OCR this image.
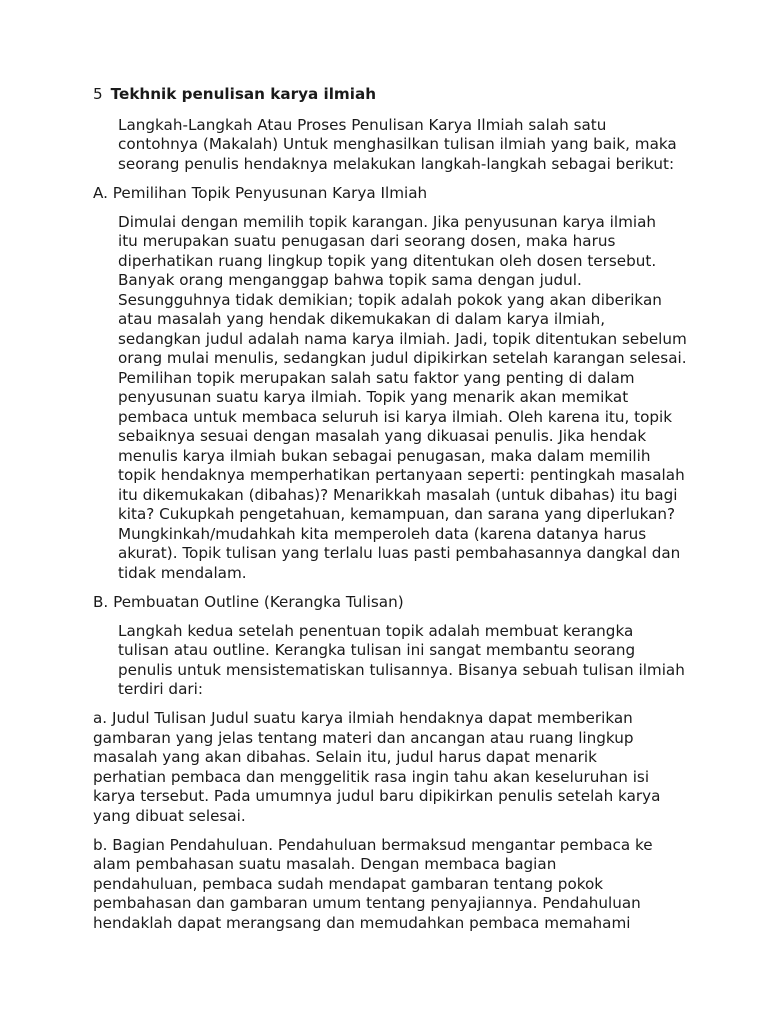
5 Tekhnik penulisan karya ilmiah

Langkah-Langkah Atau Proses Penulisan Karya Ilmiah salah satu
contohnya (Makalah) Untuk menghasilkan tulisan ilmiah yang baik, maka
seorang penulis hendaknya melakukan langkah-langkah sebagai berikut:

A. Pemilihan Topik Penyusunan Karya Ilmiah

Dimulai dengan memilih topik karangan. Jika penyusunan karya ilmiah
itu merupakan suatu penugasan dari seorang dosen, maka harus
diperhatikan ruang lingkup topik yang ditentukan oleh dosen tersebut.
Banyak orang menganggap bahwa topik sama dengan judul.
Sesungguhnya tidak demikian; topik adalah pokok yang akan diberikan
atau masalah yang hendak dikemukakan di dalam karya ilmiah,
sedangkan judul adalah nama karya ilmiah. Jadi, topik ditentukan sebelum
orang mulai menulis, sedangkan judul dipikirkan setelah karangan selesai.
Pemilihan topik merupakan salah satu faktor yang penting di dalam
penyusunan suatu karya ilmiah. Topik yang menarik akan memikat
pembaca untuk membaca seluruh isi karya ilmiah. Oleh karena itu, topik
sebaiknya sesuai dengan masalah yang dikuasai penulis. Jika hendak
menulis karya ilmiah bukan sebagai penugasan, maka dalam memilih
topik hendaknya memperhatikan pertanyaan seperti: pentingkah masalah
itu dikemukakan (dibahas)? Menarikkah masalah (untuk dibahas) itu bagi
kita? Cukupkah pengetahuan, kemampuan, dan sarana yang diperlukan?
Mungkinkah/mudahkah kita memperoleh data (karena datanya harus
akurat). Topik tulisan yang terlalu luas pasti pembahasannya dangkal dan
tidak mendalam.

B. Pembuatan Outline (Kerangka Tulisan)

Langkah kedua setelah penentuan topik adalah membuat kerangka
tulisan atau outline. Kerangka tulisan ini sangat membantu seorang
penulis untuk mensistematiskan tulisannya. Bisanya sebuah tulisan ilmiah
terdiri dari:

a. Judul Tulisan Judul suatu karya ilmiah hendaknya dapat memberikan
gambaran yang jelas tentang materi dan ancangan atau ruang lingkup
masalah yang akan dibahas. Selain itu, judul harus dapat menarik
perhatian pembaca dan menggelitik rasa ingin tahu akan keseluruhan isi
karya tersebut. Pada umumnya judul baru dipikirkan penulis setelah karya
yang dibuat selesai.

b. Bagian Pendahuluan. Pendahuluan bermaksud mengantar pembaca ke
alam pembahasan suatu masalah. Dengan membaca bagian
pendahuluan, pembaca sudah mendapat gambaran tentang pokok
pembahasan dan gambaran umum tentang penyajiannya. Pendahuluan
hendaklah dapat merangsang dan memudahkan pembaca memahami
